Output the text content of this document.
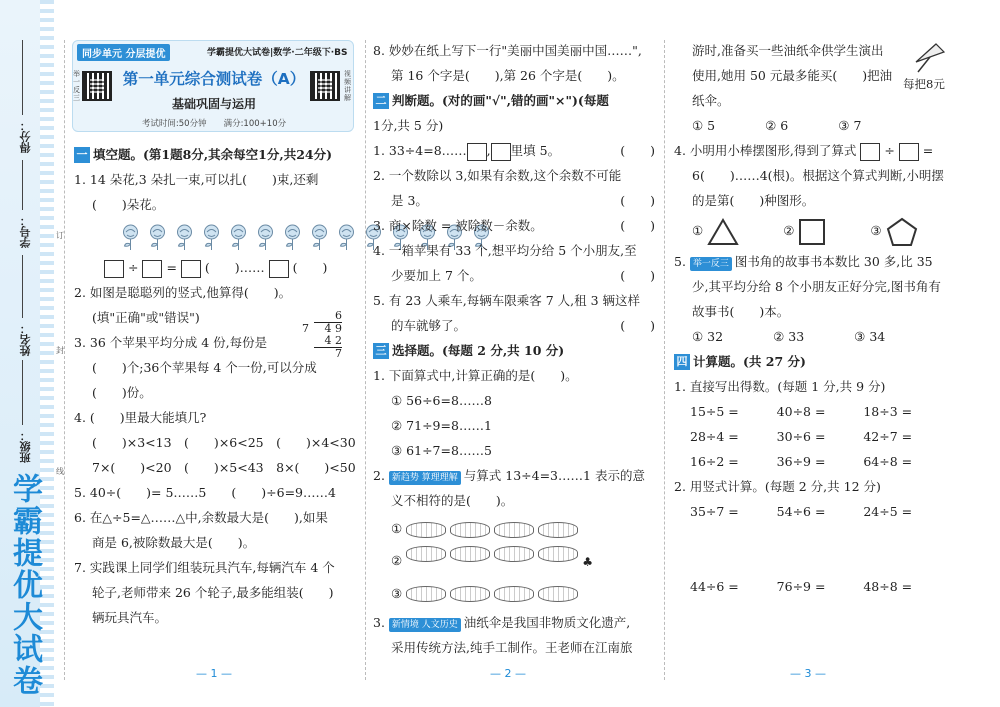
学霸提优大试卷
得分：
学号：
姓名：
班级：
订
封
线
同步单元 分层提优	学霸提优大试卷|数学·二年级下·BS
举一反三
视频讲解
第一单元综合测试卷（A）
基础巩固与运用
考试时间:50分钟　　满分:100+10分

一 填空题。(第1题8分,其余每空1分,共24分)

1. 14 朵花,3 朵扎一束,可以扎(　　)束,还剩

(　　)朵花。

÷ = (　　)…… (　　)

2. 如图是聪聪列的竖式,他算得(　　)。

(填"正确"或"错误")

3. 36 个苹果平均分成 4 份,每份是

(　　)个;36个苹果每 4 个一份,可以分成

(　　)份。

4. (　　)里最大能填几?

(　　)×3<13　(　　)×6<25　(　　)×4<30

7×(　　)<20　(　　)×5<43　8×(　　)<50

5. 40÷(　　)= 5……5　　(　　)÷6=9……4

6. 在△÷5=△……△中,余数最大是(　　),如果

商是 6,被除数最大是(　　)。

7. 实践课上同学们组装玩具汽车,每辆汽车 4 个

轮子,老师带来 26 个轮子,最多能组装(　　)

辆玩具汽车。

6
7 4 9
4 2
7
— 1 —

8. 妙妙在纸上写下一行"美丽中国美丽中国……",

第 16 个字是(　　),第 26 个字是(　　)。

二 判断题。(对的画"√",错的画"×")(每题

1分,共 5 分)

1. 33÷4=8…… , 里填 5。	(　　)

2. 一个数除以 3,如果有余数,这个余数不可能

是 3。	(　　)

3. 商×除数 = 被除数－余数。	(　　)

4. 一箱苹果有 33 个,想平均分给 5 个小朋友,至

少要加上 7 个。	(　　)

5. 有 23 人乘车,每辆车限乘客 7 人,租 3 辆这样

的车就够了。	(　　)

三 选择题。(每题 2 分,共 10 分)

1. 下面算式中,计算正确的是(　　)。

① 56÷6=8……8

② 71÷9=8……1

③ 61÷7=8……5

2. 新趋势 算理理解 与算式 13÷4=3……1 表示的意

义不相符的是(　　)。

①

②	♣

③

3. 新情境 人文历史 油纸伞是我国非物质文化遗产,

采用传统方法,纯手工制作。王老师在江南旅

— 2 —

游时,准备买一些油纸伞供学生演出

使用,她用 50 元最多能买(　　)把油

纸伞。

① 5　　　　② 6　　　　③ 7

4. 小明用小棒摆图形,得到了算式  ÷  =

6(　　)……4(根)。根据这个算式判断,小明摆

的是第(　　)种图形。

①	②	③

5. 举一反三 图书角的故事书本数比 30 多,比 35

少,其平均分给 8 个小朋友正好分完,图书角有

故事书(　　)本。

① 32　　　　② 33　　　　③ 34

四 计算题。(共 27 分)

1. 直接写出得数。(每题 1 分,共 9 分)

15÷5 =	40÷8 =	18÷3 =
28÷4 =	30÷6 =	42÷7 =
16÷2 =	36÷9 =	64÷8 =

2. 用竖式计算。(每题 2 分,共 12 分)

35÷7 =	54÷6 =	24÷5 =
44÷6 =	76÷9 =	48÷8 =
每把8元
— 3 —
